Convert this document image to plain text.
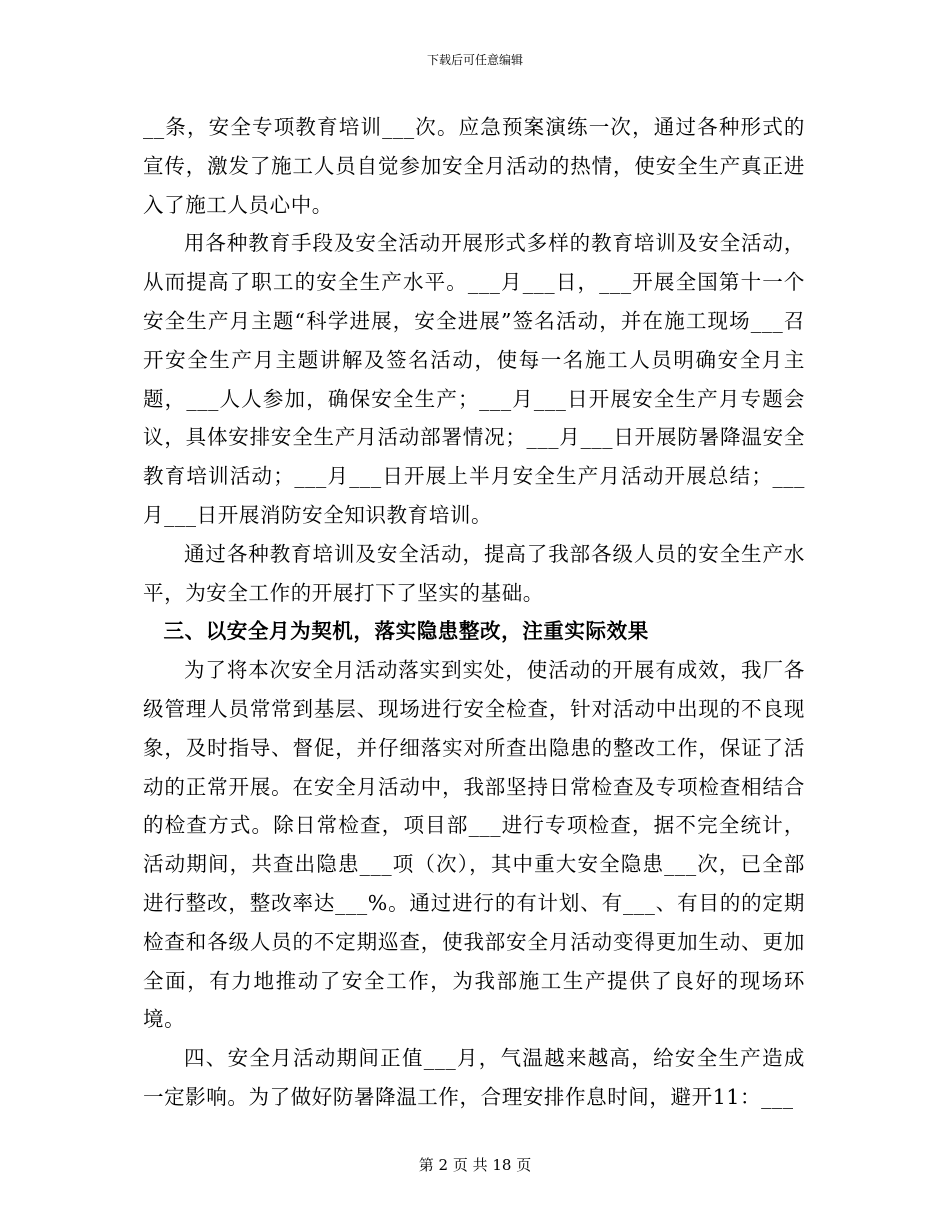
下载后可任意编辑

__条，安全专项教育培训___次。应急预案演练一次，通过各种形式的宣传，激发了施工人员自觉参加安全月活动的热情，使安全生产真正进入了施工人员心中。

用各种教育手段及安全活动开展形式多样的教育培训及安全活动，从而提高了职工的安全生产水平。___月___日，___开展全国第十一个安全生产月主题“科学进展，安全进展”签名活动，并在施工现场___召开安全生产月主题讲解及签名活动，使每一名施工人员明确安全月主题，___人人参加，确保安全生产；___月___日开展安全生产月专题会议，具体安排安全生产月活动部署情况；___月___日开展防暑降温安全教育培训活动；___月___日开展上半月安全生产月活动开展总结；___月___日开展消防安全知识教育培训。

通过各种教育培训及安全活动，提高了我部各级人员的安全生产水平，为安全工作的开展打下了坚实的基础。

三、以安全月为契机，落实隐患整改，注重实际效果

为了将本次安全月活动落实到实处，使活动的开展有成效，我厂各级管理人员常常到基层、现场进行安全检查，针对活动中出现的不良现象，及时指导、督促，并仔细落实对所查出隐患的整改工作，保证了活动的正常开展。在安全月活动中，我部坚持日常检查及专项检查相结合的检查方式。除日常检查，项目部___进行专项检查，据不完全统计，活动期间，共查出隐患___项（次），其中重大安全隐患___次，已全部进行整改，整改率达___%。通过进行的有计划、有___、有目的的定期检查和各级人员的不定期巡查，使我部安全月活动变得更加生动、更加全面，有力地推动了安全工作，为我部施工生产提供了良好的现场环境。

四、安全月活动期间正值___月，气温越来越高，给安全生产造成一定影响。为了做好防暑降温工作，合理安排作息时间，避开11：___

第 2 页 共 18 页
